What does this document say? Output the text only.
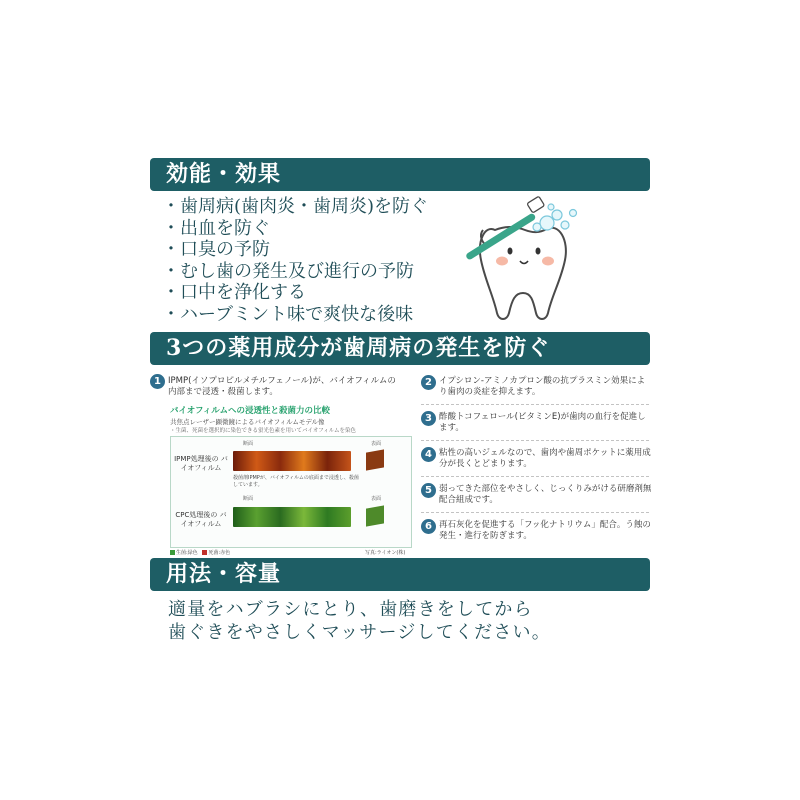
効能・効果
・歯周病(歯肉炎・歯周炎)を防ぐ
・出血を防ぐ
・口臭の予防
・むし歯の発生及び進行の予防
・口中を浄化する
・ハーブミント味で爽快な後味
3つの薬用成分が歯周病の発生を防ぐ
1 IPMP(イソプロピルメチルフェノール)が、バイオフィルムの内部まで浸透・殺菌します。
バイオフィルムへの浸透性と殺菌力の比較
共焦点レーザー顕微鏡によるバイオフィルムモデル像
・生菌、死菌を選択的に染色できる蛍光色素を用いてバイオフィルムを染色
断面	表面
IPMP処理後の バイオフィルム
殺菌剤IPMPが、バイオフィルムの底面まで浸透し、殺菌しています。
断面	表面
CPC処理後の バイオフィルム
生菌:緑色 死菌:赤色	写真:ライオン(株)
2 イプシロン-アミノカプロン酸の抗プラスミン効果により歯肉の炎症を抑えます。
3 酢酸トコフェロール(ビタミンE)が歯肉の血行を促進します。
4 粘性の高いジェルなので、歯肉や歯周ポケットに薬用成分が長くとどまります。
5 弱ってきた部位をやさしく、じっくりみがける研磨剤無配合組成です。
6 再石灰化を促進する「フッ化ナトリウム」配合。う蝕の発生・進行を防ぎます。
用法・容量
適量をハブラシにとり、歯磨きをしてから
歯ぐきをやさしくマッサージしてください。
